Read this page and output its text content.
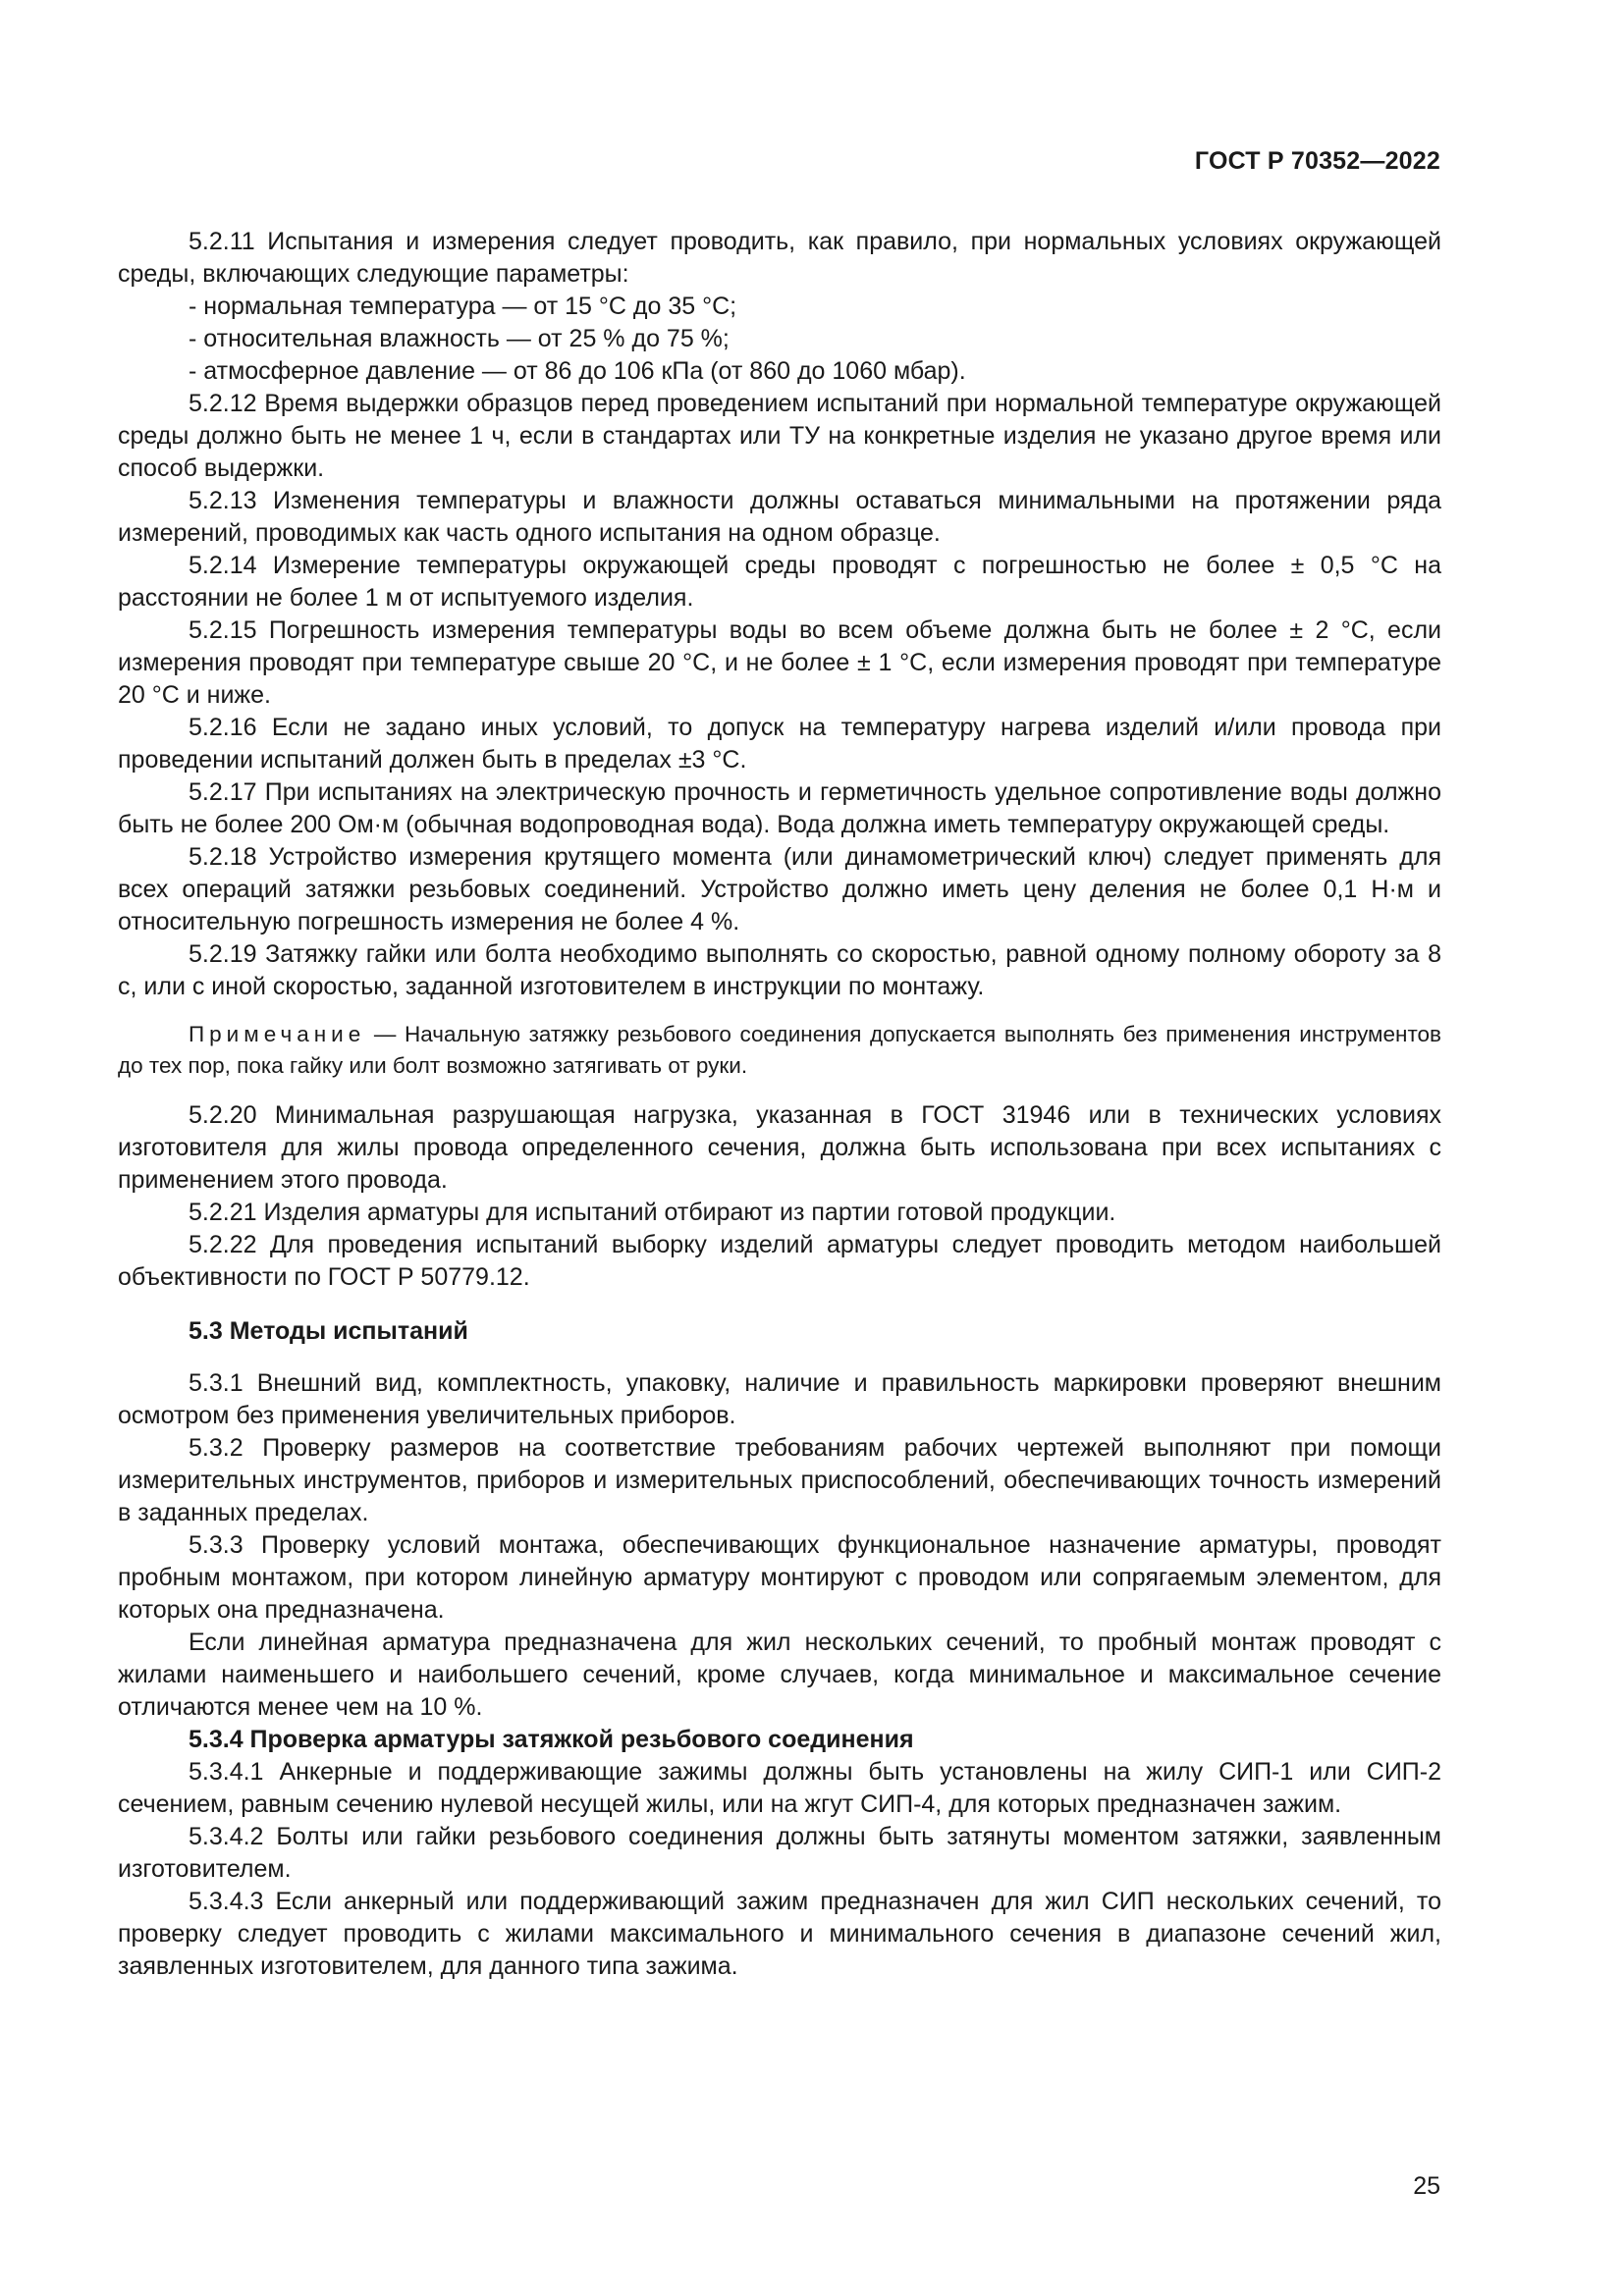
ГОСТ Р 70352—2022

5.2.11 Испытания и измерения следует проводить, как правило, при нормальных условиях окружающей среды, включающих следующие параметры:

- нормальная температура — от 15 °С до 35 °С;

- относительная влажность — от 25 % до 75 %;

- атмосферное давление — от 86 до 106 кПа (от 860 до 1060 мбар).

5.2.12 Время выдержки образцов перед проведением испытаний при нормальной температуре окружающей среды должно быть не менее 1 ч, если в стандартах или ТУ на конкретные изделия не указано другое время или способ выдержки.

5.2.13 Изменения температуры и влажности должны оставаться минимальными на протяжении ряда измерений, проводимых как часть одного испытания на одном образце.

5.2.14 Измерение температуры окружающей среды проводят с погрешностью не более ± 0,5 °С на расстоянии не более 1 м от испытуемого изделия.

5.2.15 Погрешность измерения температуры воды во всем объеме должна быть не более ± 2 °С, если измерения проводят при температуре свыше 20 °С, и не более ± 1 °С, если измерения проводят при температуре 20 °С и ниже.

5.2.16 Если не задано иных условий, то допуск на температуру нагрева изделий и/или провода при проведении испытаний должен быть в пределах ±3 °С.

5.2.17 При испытаниях на электрическую прочность и герметичность удельное сопротивление воды должно быть не более 200 Ом·м (обычная водопроводная вода). Вода должна иметь температуру окружающей среды.

5.2.18 Устройство измерения крутящего момента (или динамометрический ключ) следует применять для всех операций затяжки резьбовых соединений. Устройство должно иметь цену деления не более 0,1 Н·м и относительную погрешность измерения не более 4 %.

5.2.19 Затяжку гайки или болта необходимо выполнять со скоростью, равной одному полному обороту за 8 с, или с иной скоростью, заданной изготовителем в инструкции по монтажу.

Примечание — Начальную затяжку резьбового соединения допускается выполнять без применения инструментов до тех пор, пока гайку или болт возможно затягивать от руки.

5.2.20 Минимальная разрушающая нагрузка, указанная в ГОСТ 31946 или в технических условиях изготовителя для жилы провода определенного сечения, должна быть использована при всех испытаниях с применением этого провода.

5.2.21 Изделия арматуры для испытаний отбирают из партии готовой продукции.

5.2.22 Для проведения испытаний выборку изделий арматуры следует проводить методом наибольшей объективности по ГОСТ Р 50779.12.

5.3 Методы испытаний

5.3.1 Внешний вид, комплектность, упаковку, наличие и правильность маркировки проверяют внешним осмотром без применения увеличительных приборов.

5.3.2 Проверку размеров на соответствие требованиям рабочих чертежей выполняют при помощи измерительных инструментов, приборов и измерительных приспособлений, обеспечивающих точность измерений в заданных пределах.

5.3.3 Проверку условий монтажа, обеспечивающих функциональное назначение арматуры, проводят пробным монтажом, при котором линейную арматуру монтируют с проводом или сопрягаемым элементом, для которых она предназначена.

Если линейная арматура предназначена для жил нескольких сечений, то пробный монтаж проводят с жилами наименьшего и наибольшего сечений, кроме случаев, когда минимальное и максимальное сечение отличаются менее чем на 10 %.

5.3.4 Проверка арматуры затяжкой резьбового соединения

5.3.4.1 Анкерные и поддерживающие зажимы должны быть установлены на жилу СИП-1 или СИП-2 сечением, равным сечению нулевой несущей жилы, или на жгут СИП-4, для которых предназначен зажим.

5.3.4.2 Болты или гайки резьбового соединения должны быть затянуты моментом затяжки, заявленным изготовителем.

5.3.4.3 Если анкерный или поддерживающий зажим предназначен для жил СИП нескольких сечений, то проверку следует проводить с жилами максимального и минимального сечения в диапазоне сечений жил, заявленных изготовителем, для данного типа зажима.

25
